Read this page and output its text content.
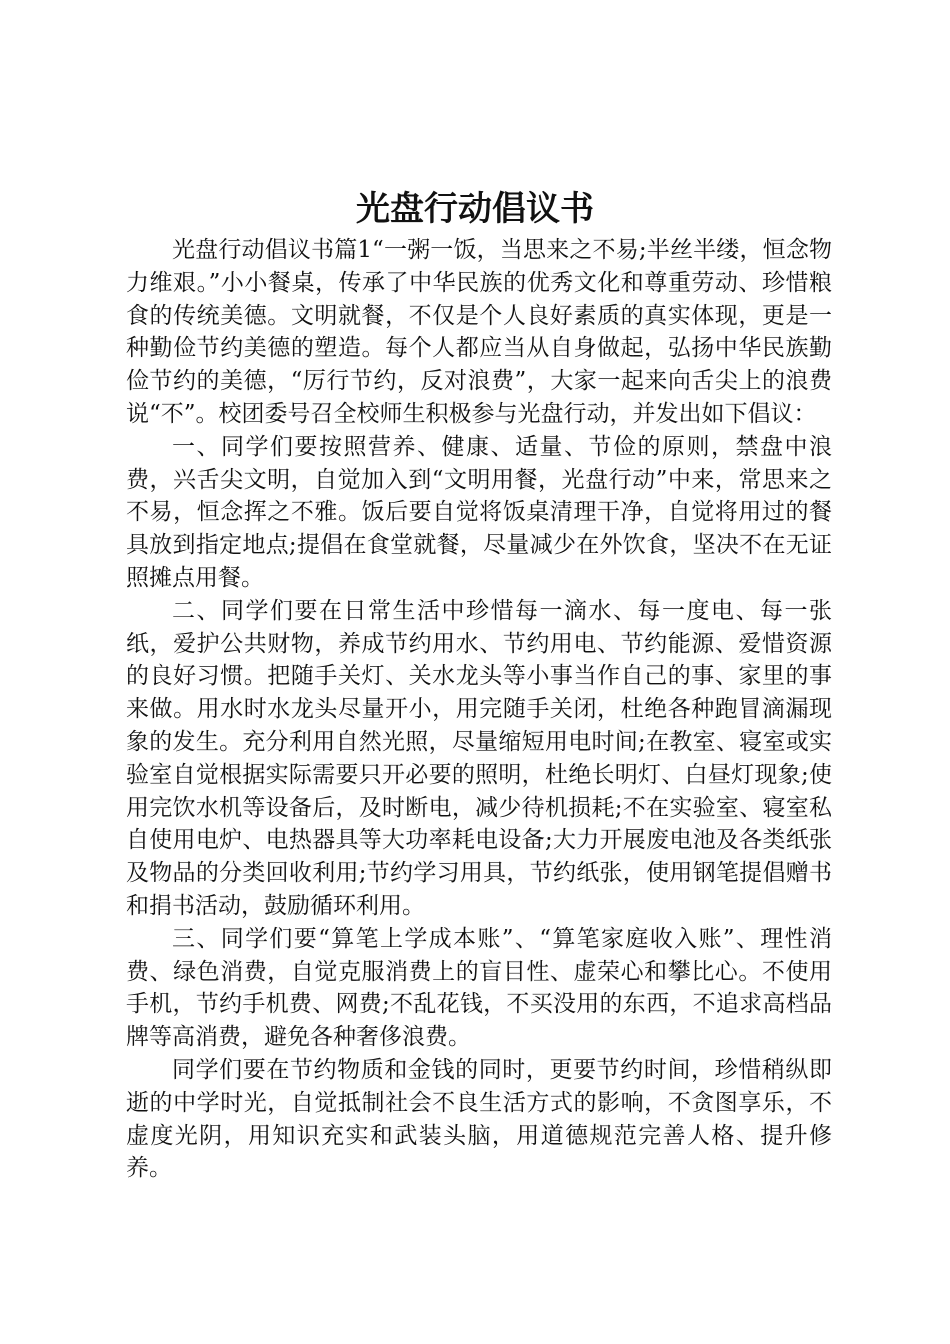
光盘行动倡议书

光盘行动倡议书篇1“一粥一饭，当思来之不易;半丝半缕，恒念物力维艰。”小小餐桌，传承了中华民族的优秀文化和尊重劳动、珍惜粮食的传统美德。文明就餐，不仅是个人良好素质的真实体现，更是一种勤俭节约美德的塑造。每个人都应当从自身做起，弘扬中华民族勤俭节约的美德，“厉行节约，反对浪费”，大家一起来向舌尖上的浪费说“不”。校团委号召全校师生积极参与光盘行动，并发出如下倡议：

一、同学们要按照营养、健康、适量、节俭的原则，禁盘中浪费，兴舌尖文明，自觉加入到“文明用餐，光盘行动”中来，常思来之不易，恒念挥之不雅。饭后要自觉将饭桌清理干净，自觉将用过的餐具放到指定地点;提倡在食堂就餐，尽量减少在外饮食，坚决不在无证照摊点用餐。

二、同学们要在日常生活中珍惜每一滴水、每一度电、每一张纸，爱护公共财物，养成节约用水、节约用电、节约能源、爱惜资源的良好习惯。把随手关灯、关水龙头等小事当作自己的事、家里的事来做。用水时水龙头尽量开小，用完随手关闭，杜绝各种跑冒滴漏现象的发生。充分利用自然光照，尽量缩短用电时间;在教室、寝室或实验室自觉根据实际需要只开必要的照明，杜绝长明灯、白昼灯现象;使用完饮水机等设备后，及时断电，减少待机损耗;不在实验室、寝室私自使用电炉、电热器具等大功率耗电设备;大力开展废电池及各类纸张及物品的分类回收利用;节约学习用具，节约纸张，使用钢笔提倡赠书和捐书活动，鼓励循环利用。

三、同学们要“算笔上学成本账”、“算笔家庭收入账”、理性消费、绿色消费，自觉克服消费上的盲目性、虚荣心和攀比心。不使用手机，节约手机费、网费;不乱花钱，不买没用的东西，不追求高档品牌等高消费，避免各种奢侈浪费。

同学们要在节约物质和金钱的同时，更要节约时间，珍惜稍纵即逝的中学时光，自觉抵制社会不良生活方式的影响，不贪图享乐，不虚度光阴，用知识充实和武装头脑，用道德规范完善人格、提升修养。
